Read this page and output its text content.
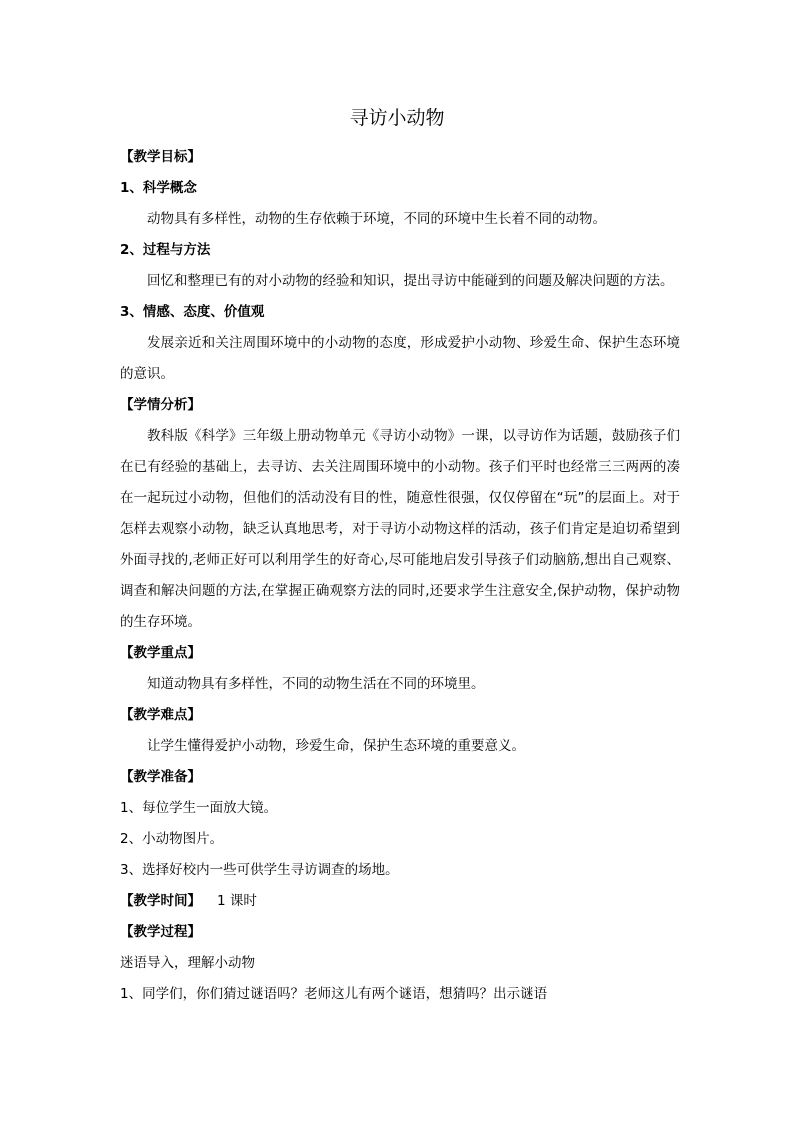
寻访小动物
【教学目标】
1、科学概念
动物具有多样性，动物的生存依赖于环境，不同的环境中生长着不同的动物。
2、过程与方法
回忆和整理已有的对小动物的经验和知识，提出寻访中能碰到的问题及解决问题的方法。
3、情感、态度、价值观
发展亲近和关注周围环境中的小动物的态度，形成爱护小动物、珍爱生命、保护生态环境的意识。
【学情分析】
教科版《科学》三年级上册动物单元《寻访小动物》一课，以寻访作为话题，鼓励孩子们在已有经验的基础上，去寻访、去关注周围环境中的小动物。孩子们平时也经常三三两两的凑在一起玩过小动物，但他们的活动没有目的性，随意性很强，仅仅停留在“玩”的层面上。对于怎样去观察小动物，缺乏认真地思考，对于寻访小动物这样的活动，孩子们肯定是迫切希望到外面寻找的,老师正好可以利用学生的好奇心,尽可能地启发引导孩子们动脑筋,想出自己观察、调查和解决问题的方法,在掌握正确观察方法的同时,还要求学生注意安全,保护动物，保护动物的生存环境。
【教学重点】
知道动物具有多样性，不同的动物生活在不同的环境里。
【教学难点】
让学生懂得爱护小动物，珍爱生命，保护生态环境的重要意义。
【教学准备】
1、每位学生一面放大镜。
2、小动物图片。
3、选择好校内一些可供学生寻访调查的场地。
【教学时间】 1 课时
【教学过程】
迷语导入，理解小动物
1、同学们，你们猜过谜语吗？老师这儿有两个谜语，想猜吗？出示谜语
